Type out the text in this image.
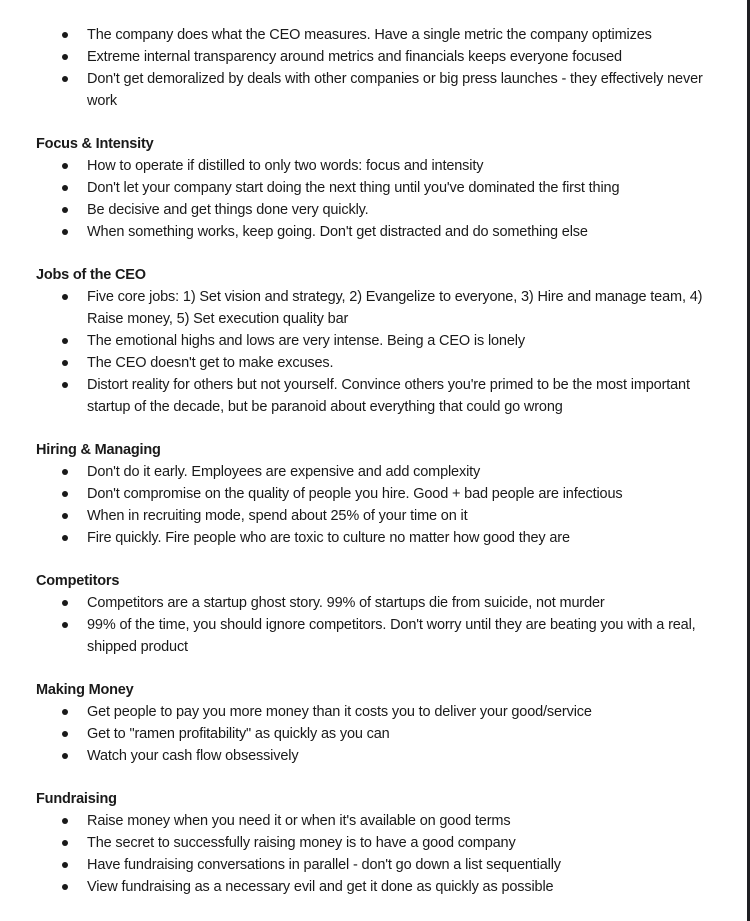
The company does what the CEO measures. Have a single metric the company optimizes
Extreme internal transparency around metrics and financials keeps everyone focused
Don't get demoralized by deals with other companies or big press launches - they effectively never work
Focus & Intensity
How to operate if distilled to only two words: focus and intensity
Don't let your company start doing the next thing until you've dominated the first thing
Be decisive and get things done very quickly.
When something works, keep going. Don't get distracted and do something else
Jobs of the CEO
Five core jobs: 1) Set vision and strategy, 2) Evangelize to everyone, 3) Hire and manage team, 4) Raise money, 5) Set execution quality bar
The emotional highs and lows are very intense. Being a CEO is lonely
The CEO doesn't get to make excuses.
Distort reality for others but not yourself. Convince others you're primed to be the most important startup of the decade, but be paranoid about everything that could go wrong
Hiring & Managing
Don't do it early. Employees are expensive and add complexity
Don't compromise on the quality of people you hire. Good + bad people are infectious
When in recruiting mode, spend about 25% of your time on it
Fire quickly. Fire people who are toxic to culture no matter how good they are
Competitors
Competitors are a startup ghost story. 99% of startups die from suicide, not murder
99% of the time, you should ignore competitors. Don't worry until they are beating you with a real, shipped product
Making Money
Get people to pay you more money than it costs you to deliver your good/service
Get to "ramen profitability" as quickly as you can
Watch your cash flow obsessively
Fundraising
Raise money when you need it or when it's available on good terms
The secret to successfully raising money is to have a good company
Have fundraising conversations in parallel - don't go down a list sequentially
View fundraising as a necessary evil and get it done as quickly as possible
